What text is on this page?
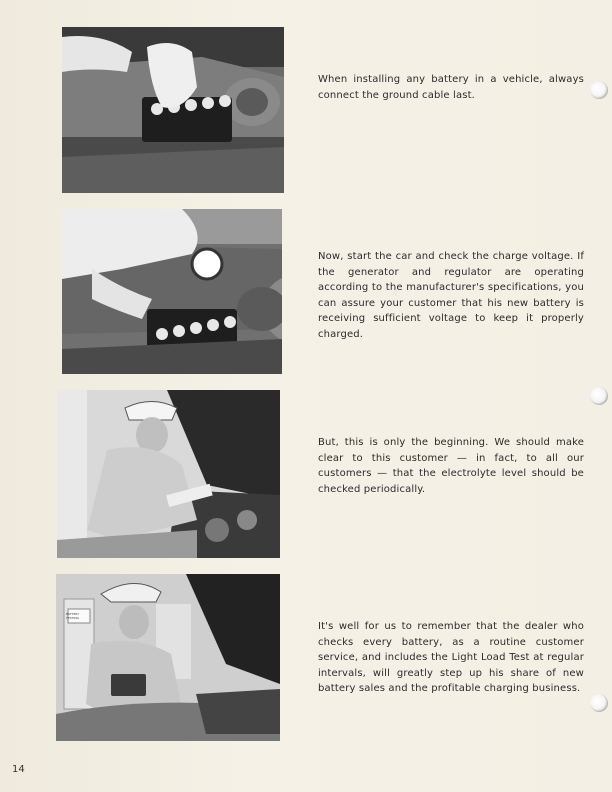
When installing any battery in a vehicle, always connect the ground cable last.

Now, start the car and check the charge voltage. If the generator and regulator are operating according to the manufacturer's specifications, you can assure your customer that his new battery is receiving sufficient voltage to keep it properly charged.

But, this is only the beginning. We should make clear to this customer — in fact, to all our customers — that the electrolyte level should be checked periodically.

BATTERY TESTING

It's well for us to remember that the dealer who checks every battery, as a routine customer service, and includes the Light Load Test at regular intervals, will greatly step up his share of new battery sales and the profitable charging business.

14
